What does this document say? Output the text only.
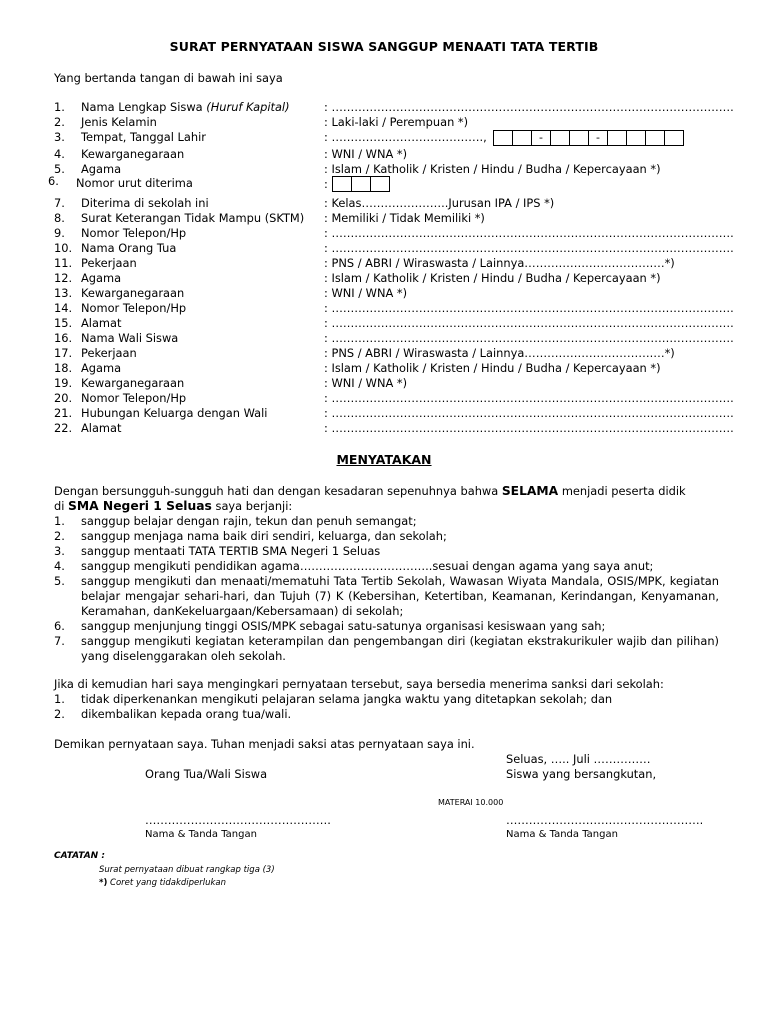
SURAT PERNYATAAN SISWA SANGGUP MENAATI TATA TERTIB
Yang bertanda tangan di bawah ini saya
1.	Nama Lengkap Siswa (Huruf Kapital)	: …………………………………………………………………………………………….
2.	Jenis Kelamin	: Laki-laki / Perempuan *)
3.	Tempat, Tanggal Lahir	: ………………………………….,
4.	Kewarganegaraan	: WNI / WNA *)
5.	Agama	: Islam / Katholik / Kristen / Hindu / Budha / Kepercayaan *)
6.	Nomor urut diterima	:
7.	Diterima di sekolah ini	: Kelas…………………..Jurusan IPA / IPS *)
8.	Surat Keterangan Tidak Mampu (SKTM) : Memiliki / Tidak Memiliki *)
9.	Nomor Telepon/Hp	: …………………………………………………………………………………………….
10. Nama Orang Tua	: …………………………………………………………………………………………….
11. Pekerjaan	: PNS / ABRI / Wiraswasta / Lainnya…………………………….…*)
12. Agama	: Islam / Katholik / Kristen / Hindu / Budha / Kepercayaan *)
13. Kewarganegaraan	: WNI / WNA *)
14. Nomor Telepon/Hp	: …………………………………………………………………………………………….
15. Alamat	: …………………………………………………………………………………………….
16. Nama Wali Siswa	: …………………………………………………………………………………………….
17. Pekerjaan	: PNS / ABRI / Wiraswasta / Lainnya…………………………….…*)
18. Agama	: Islam / Katholik / Kristen / Hindu / Budha / Kepercayaan *)
19. Kewarganegaraan	: WNI / WNA *)
20. Nomor Telepon/Hp	: …………………………………………………………………………………………….
21. Hubungan Keluarga dengan Wali	: …………………………………………………………………………………………….
22. Alamat	: …………………………………………………………………………………………….
-	-
MENYATAKAN
Dengan bersungguh-sungguh hati dan dengan kesadaran sepenuhnya bahwa SELAMA menjadi peserta didik
di SMA Negeri 1 Seluas saya berjanji:
1. sanggup belajar dengan rajin, tekun dan penuh semangat;
2. sanggup menjaga nama baik diri sendiri, keluarga, dan sekolah;
3. sanggup mentaati TATA TERTIB SMA Negeri 1 Seluas
4. sanggup mengikuti pendidikan agama……………………………..sesuai dengan agama yang saya anut;
5. sanggup mengikuti dan menaati/mematuhi Tata Tertib Sekolah, Wawasan Wiyata Mandala, OSIS/MPK, kegiatan belajar mengajar sehari-hari, dan Tujuh (7) K (Kebersihan, Ketertiban, Keamanan, Kerindangan, Kenyamanan, Keramahan, danKekeluargaan/Kebersamaan) di sekolah;
6. sanggup menjunjung tinggi OSIS/MPK sebagai satu-satunya organisasi kesiswaan yang sah;
7. sanggup mengikuti kegiatan keterampilan dan pengembangan diri (kegiatan ekstrakurikuler wajib dan pilihan) yang diselenggarakan oleh sekolah.
Jika di kemudian hari saya mengingkari pernyataan tersebut, saya bersedia menerima sanksi dari sekolah:
1. tidak diperkenankan mengikuti pelajaran selama jangka waktu yang ditetapkan sekolah; dan
2. dikembalikan kepada orang tua/wali.
Demikan pernyataan saya. Tuhan menjadi saksi atas pernyataan saya ini.
Seluas, ….. Juli ……………
Orang Tua/Wali Siswa	Siswa yang bersangkutan,
MATERAI 10.000
………………………………………….	…………………………………………….
Nama & Tanda Tangan	Nama & Tanda Tangan
CATATAN :
Surat pernyataan dibuat rangkap tiga (3)
*) Coret yang tidakdiperlukan
